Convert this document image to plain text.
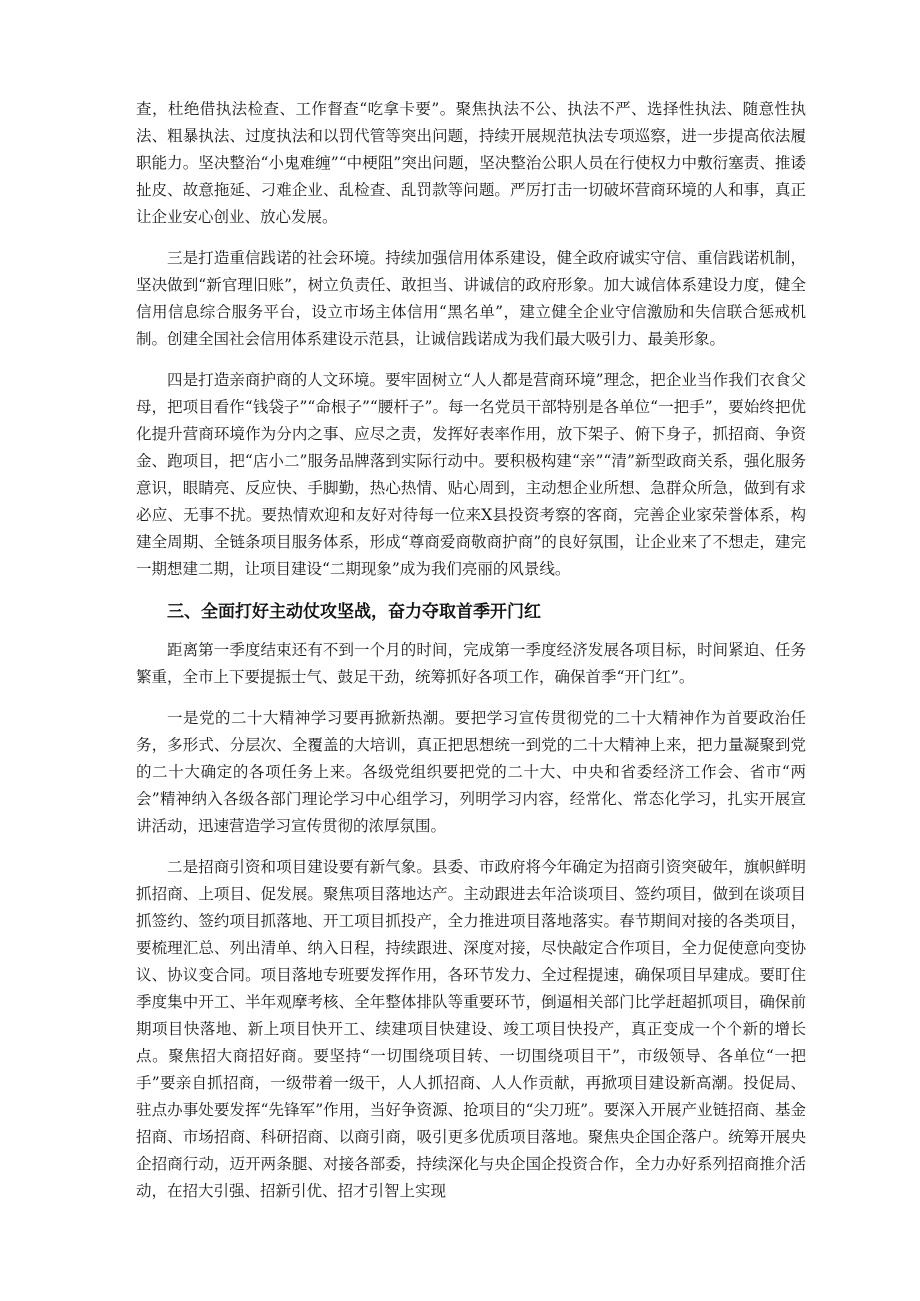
查，杜绝借执法检查、工作督查“吃拿卡要”。聚焦执法不公、执法不严、选择性执法、随意性执法、粗暴执法、过度执法和以罚代管等突出问题，持续开展规范执法专项巡察，进一步提高依法履职能力。坚决整治“小鬼难缠”“中梗阻”突出问题，坚决整治公职人员在行使权力中敷衍塞责、推诿扯皮、故意拖延、刁难企业、乱检查、乱罚款等问题。严厉打击一切破坏营商环境的人和事，真正让企业安心创业、放心发展。

三是打造重信践诺的社会环境。持续加强信用体系建设，健全政府诚实守信、重信践诺机制，坚决做到“新官理旧账”，树立负责任、敢担当、讲诚信的政府形象。加大诚信体系建设力度，健全信用信息综合服务平台，设立市场主体信用“黑名单”，建立健全企业守信激励和失信联合惩戒机制。创建全国社会信用体系建设示范县，让诚信践诺成为我们最大吸引力、最美形象。

四是打造亲商护商的人文环境。要牢固树立“人人都是营商环境”理念，把企业当作我们衣食父母，把项目看作“钱袋子”“命根子”“腰杆子”。每一名党员干部特别是各单位“一把手”，要始终把优化提升营商环境作为分内之事、应尽之责，发挥好表率作用，放下架子、俯下身子，抓招商、争资金、跑项目，把“店小二”服务品牌落到实际行动中。要积极构建“亲”“清”新型政商关系，强化服务意识，眼睛亮、反应快、手脚勤，热心热情、贴心周到，主动想企业所想、急群众所急，做到有求必应、无事不扰。要热情欢迎和友好对待每一位来X县投资考察的客商，完善企业家荣誉体系，构建全周期、全链条项目服务体系，形成“尊商爱商敬商护商”的良好氛围，让企业来了不想走，建完一期想建二期，让项目建设“二期现象”成为我们亮丽的风景线。

三、全面打好主动仗攻坚战，奋力夺取首季开门红

距离第一季度结束还有不到一个月的时间，完成第一季度经济发展各项目标，时间紧迫、任务繁重，全市上下要提振士气、鼓足干劲，统筹抓好各项工作，确保首季“开门红”。

一是党的二十大精神学习要再掀新热潮。要把学习宣传贯彻党的二十大精神作为首要政治任务，多形式、分层次、全覆盖的大培训，真正把思想统一到党的二十大精神上来，把力量凝聚到党的二十大确定的各项任务上来。各级党组织要把党的二十大、中央和省委经济工作会、省市“两会”精神纳入各级各部门理论学习中心组学习，列明学习内容，经常化、常态化学习，扎实开展宣讲活动，迅速营造学习宣传贯彻的浓厚氛围。

二是招商引资和项目建设要有新气象。县委、市政府将今年确定为招商引资突破年，旗帜鲜明抓招商、上项目、促发展。聚焦项目落地达产。主动跟进去年洽谈项目、签约项目，做到在谈项目抓签约、签约项目抓落地、开工项目抓投产，全力推进项目落地落实。春节期间对接的各类项目，要梳理汇总、列出清单、纳入日程，持续跟进、深度对接，尽快敲定合作项目，全力促使意向变协议、协议变合同。项目落地专班要发挥作用，各环节发力、全过程提速，确保项目早建成。要盯住季度集中开工、半年观摩考核、全年整体排队等重要环节，倒逼相关部门比学赶超抓项目，确保前期项目快落地、新上项目快开工、续建项目快建设、竣工项目快投产，真正变成一个个新的增长点。聚焦招大商招好商。要坚持“一切围绕项目转、一切围绕项目干”，市级领导、各单位“一把手”要亲自抓招商，一级带着一级干，人人抓招商、人人作贡献，再掀项目建设新高潮。投促局、驻点办事处要发挥“先锋军”作用，当好争资源、抢项目的“尖刀班”。要深入开展产业链招商、基金招商、市场招商、科研招商、以商引商，吸引更多优质项目落地。聚焦央企国企落户。统筹开展央企招商行动，迈开两条腿、对接各部委，持续深化与央企国企投资合作，全力办好系列招商推介活动，在招大引强、招新引优、招才引智上实现
